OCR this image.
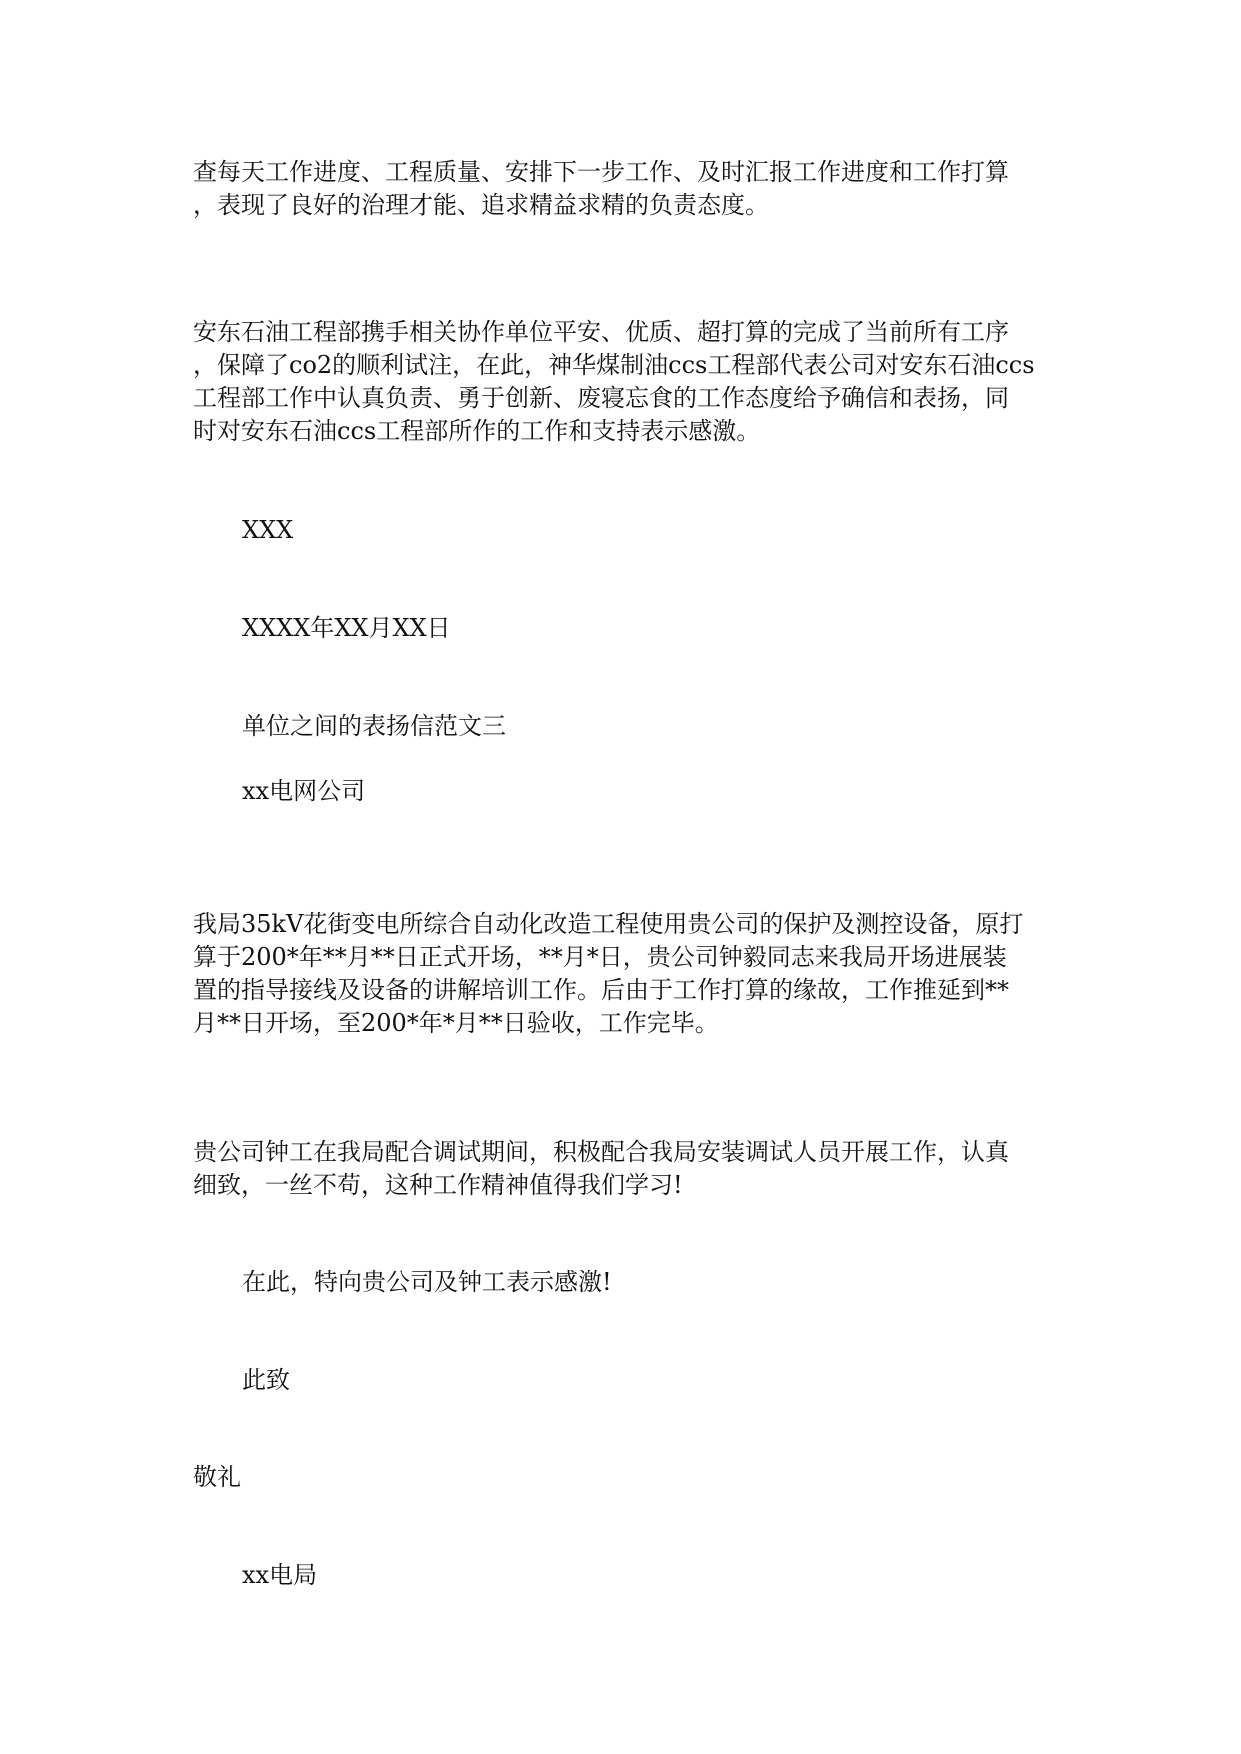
查每天工作进度、工程质量、安排下一步工作、及时汇报工作进度和工作打算
，表现了良好的治理才能、追求精益求精的负责态度。
安东石油工程部携手相关协作单位平安、优质、超打算的完成了当前所有工序
，保障了co2的顺利试注，在此，神华煤制油ccs工程部代表公司对安东石油ccs
工程部工作中认真负责、勇于创新、废寝忘食的工作态度给予确信和表扬，同
时对安东石油ccs工程部所作的工作和支持表示感激。
XXX
XXXX年XX月XX日
单位之间的表扬信范文三
xx电网公司
我局35kV花街变电所综合自动化改造工程使用贵公司的保护及测控设备，原打
算于200*年**月**日正式开场，**月*日，贵公司钟毅同志来我局开场进展装
置的指导接线及设备的讲解培训工作。后由于工作打算的缘故，工作推延到**
月**日开场，至200*年*月**日验收，工作完毕。
贵公司钟工在我局配合调试期间，积极配合我局安装调试人员开展工作，认真
细致，一丝不苟，这种工作精神值得我们学习!
在此，特向贵公司及钟工表示感激!
此致
敬礼
xx电局
